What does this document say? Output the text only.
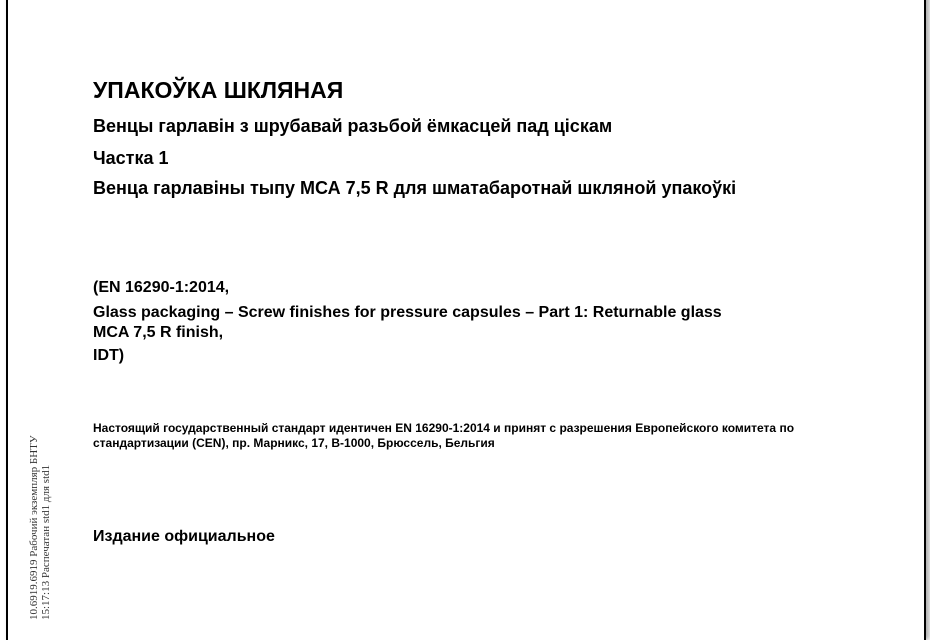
УПАКОЎКА ШКЛЯНАЯ

Венцы гарлавін з шрубавай разьбой ёмкасцей пад ціскам

Частка 1

Венца гарлавіны тыпу МСА 7,5 R для шматабаротнай шкляной упакоўкі

(EN 16290-1:2014,

Glass packaging – Screw finishes for pressure capsules – Part 1: Returnable glass

MCA 7,5 R finish,

IDT)

Настоящий государственный стандарт идентичен EN 16290-1:2014 и принят с разрешения Европейского комитета по стандартизации (CEN), пр. Марникс, 17, B-1000, Брюссель, Бельгия

Издание официальное

10.6919.6919 Рабочий экземпляр БНТУ 15:17:13 Распечатан std1 для std1
